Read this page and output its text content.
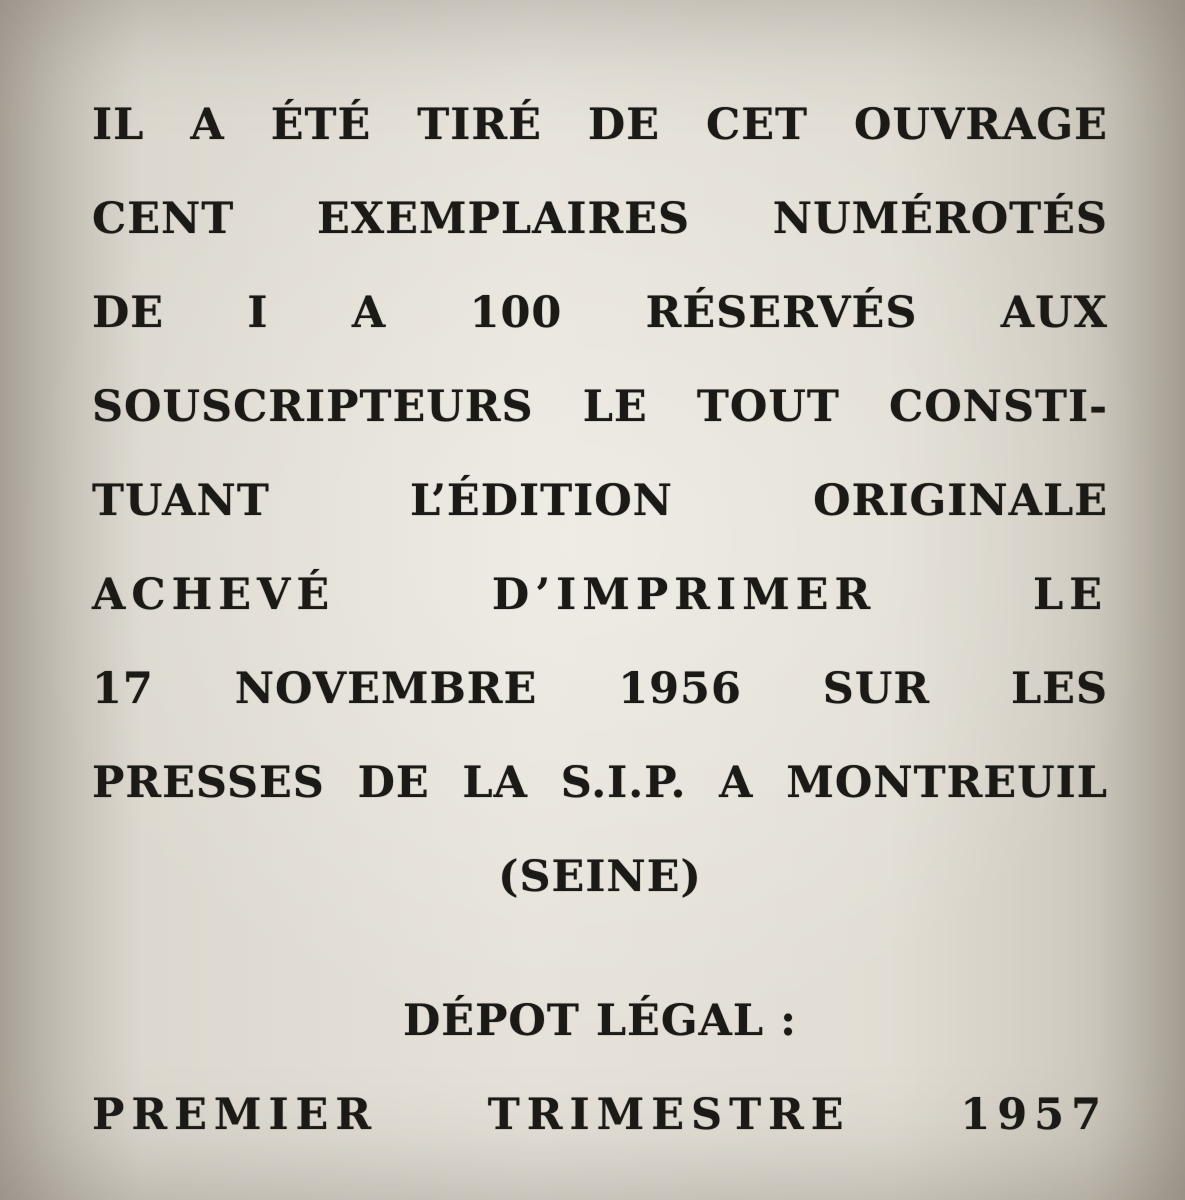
IL A ÉTÉ TIRÉ DE CET OUVRAGE
CENT EXEMPLAIRES NUMÉROTÉS
DE I A 100 RÉSERVÉS AUX
SOUSCRIPTEURS LE TOUT CONSTI-
TUANT	L’ÉDITION	ORIGINALE
ACHEVÉ	D’IMPRIMER	LE
17 NOVEMBRE 1956 SUR LES
PRESSES DE LA S.I.P. A MONTREUIL
(SEINE)
DÉPOT LÉGAL :
PREMIER	TRIMESTRE	1957
